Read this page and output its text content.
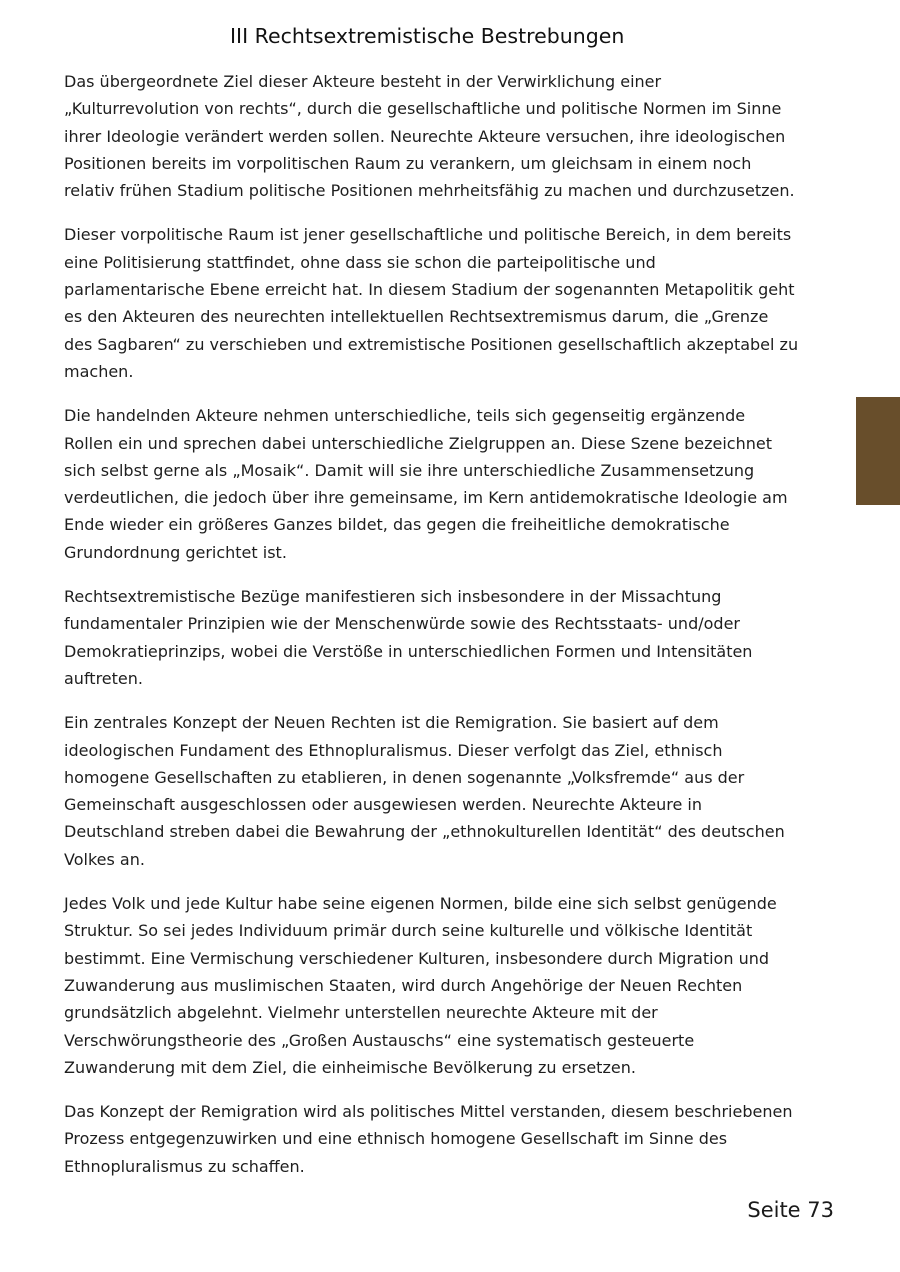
III Rechtsextremistische Bestrebungen

Das übergeordnete Ziel dieser Akteure besteht in der Verwirklichung einer „Kulturrevolution von rechts“, durch die gesellschaftliche und politische Normen im Sinne ihrer Ideologie verändert werden sollen. Neurechte Akteure versuchen, ihre ideologischen Positionen bereits im vorpolitischen Raum zu verankern, um gleichsam in einem noch relativ frühen Stadium politische Positionen mehrheitsfähig zu machen und durchzusetzen.

Dieser vorpolitische Raum ist jener gesellschaftliche und politische Bereich, in dem bereits eine Politisierung stattfindet, ohne dass sie schon die parteipolitische und parlamentarische Ebene erreicht hat. In diesem Stadium der sogenannten Metapolitik geht es den Akteuren des neurechten intellektuellen Rechtsextremismus darum, die „Grenze des Sagbaren“ zu verschieben und extremistische Positionen gesellschaftlich akzeptabel zu machen.

Die handelnden Akteure nehmen unterschiedliche, teils sich gegenseitig ergänzende Rollen ein und sprechen dabei unterschiedliche Zielgruppen an. Diese Szene bezeichnet sich selbst gerne als „Mosaik“. Damit will sie ihre unterschiedliche Zusammensetzung verdeutlichen, die jedoch über ihre gemeinsame, im Kern antidemokratische Ideologie am Ende wieder ein größeres Ganzes bildet, das gegen die freiheitliche demokratische Grundordnung gerichtet ist.

Rechtsextremistische Bezüge manifestieren sich insbesondere in der Missachtung fundamentaler Prinzipien wie der Menschenwürde sowie des Rechtsstaats- und/oder Demokratieprinzips, wobei die Verstöße in unterschiedlichen Formen und Intensitäten auftreten.

Ein zentrales Konzept der Neuen Rechten ist die Remigration. Sie basiert auf dem ideologischen Fundament des Ethnopluralismus. Dieser verfolgt das Ziel, ethnisch homogene Gesellschaften zu etablieren, in denen sogenannte „Volksfremde“ aus der Gemeinschaft ausgeschlossen oder ausgewiesen werden. Neurechte Akteure in Deutschland streben dabei die Bewahrung der „ethnokulturellen Identität“ des deutschen Volkes an.

Jedes Volk und jede Kultur habe seine eigenen Normen, bilde eine sich selbst genügende Struktur. So sei jedes Individuum primär durch seine kulturelle und völkische Identität bestimmt. Eine Vermischung verschiedener Kulturen, insbesondere durch Migration und Zuwanderung aus muslimischen Staaten, wird durch Angehörige der Neuen Rechten grundsätzlich abgelehnt. Vielmehr unterstellen neurechte Akteure mit der Verschwörungstheorie des „Großen Austauschs“ eine systematisch gesteuerte Zuwanderung mit dem Ziel, die einheimische Bevölkerung zu ersetzen.

Das Konzept der Remigration wird als politisches Mittel verstanden, diesem beschriebenen Prozess entgegenzuwirken und eine ethnisch homogene Gesellschaft im Sinne des Ethnopluralismus zu schaffen.

Seite 73
